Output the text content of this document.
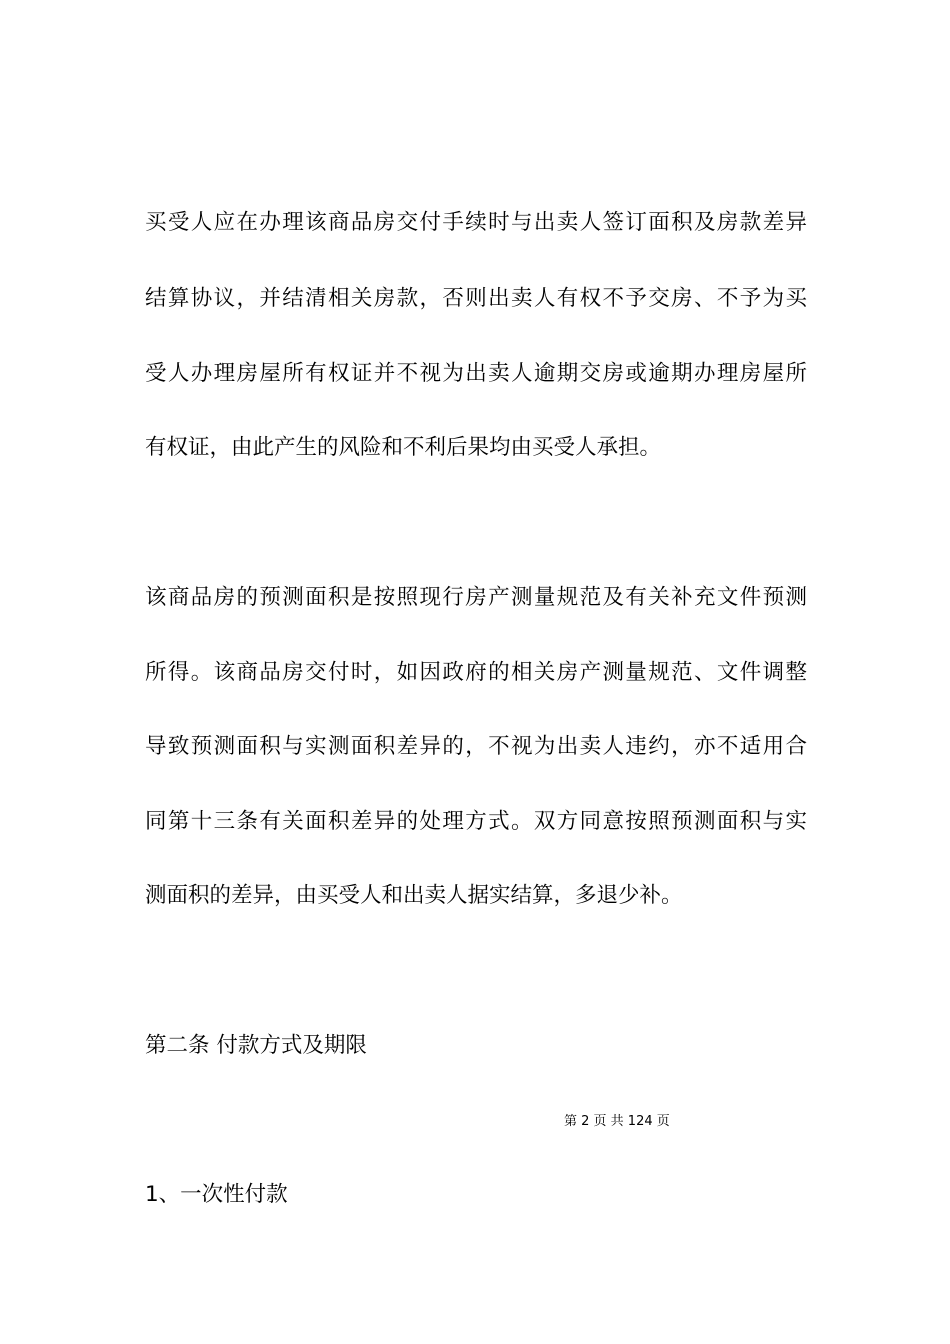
买受人应在办理该商品房交付手续时与出卖人签订面积及房款差异
结算协议，并结清相关房款，否则出卖人有权不予交房、不予为买
受人办理房屋所有权证并不视为出卖人逾期交房或逾期办理房屋所
有权证，由此产生的风险和不利后果均由买受人承担。
该商品房的预测面积是按照现行房产测量规范及有关补充文件预测
所得。该商品房交付时，如因政府的相关房产测量规范、文件调整
导致预测面积与实测面积差异的，不视为出卖人违约，亦不适用合
同第十三条有关面积差异的处理方式。双方同意按照预测面积与实
测面积的差异，由买受人和出卖人据实结算，多退少补。
第二条 付款方式及期限
第 2 页 共 124 页
1、一次性付款
